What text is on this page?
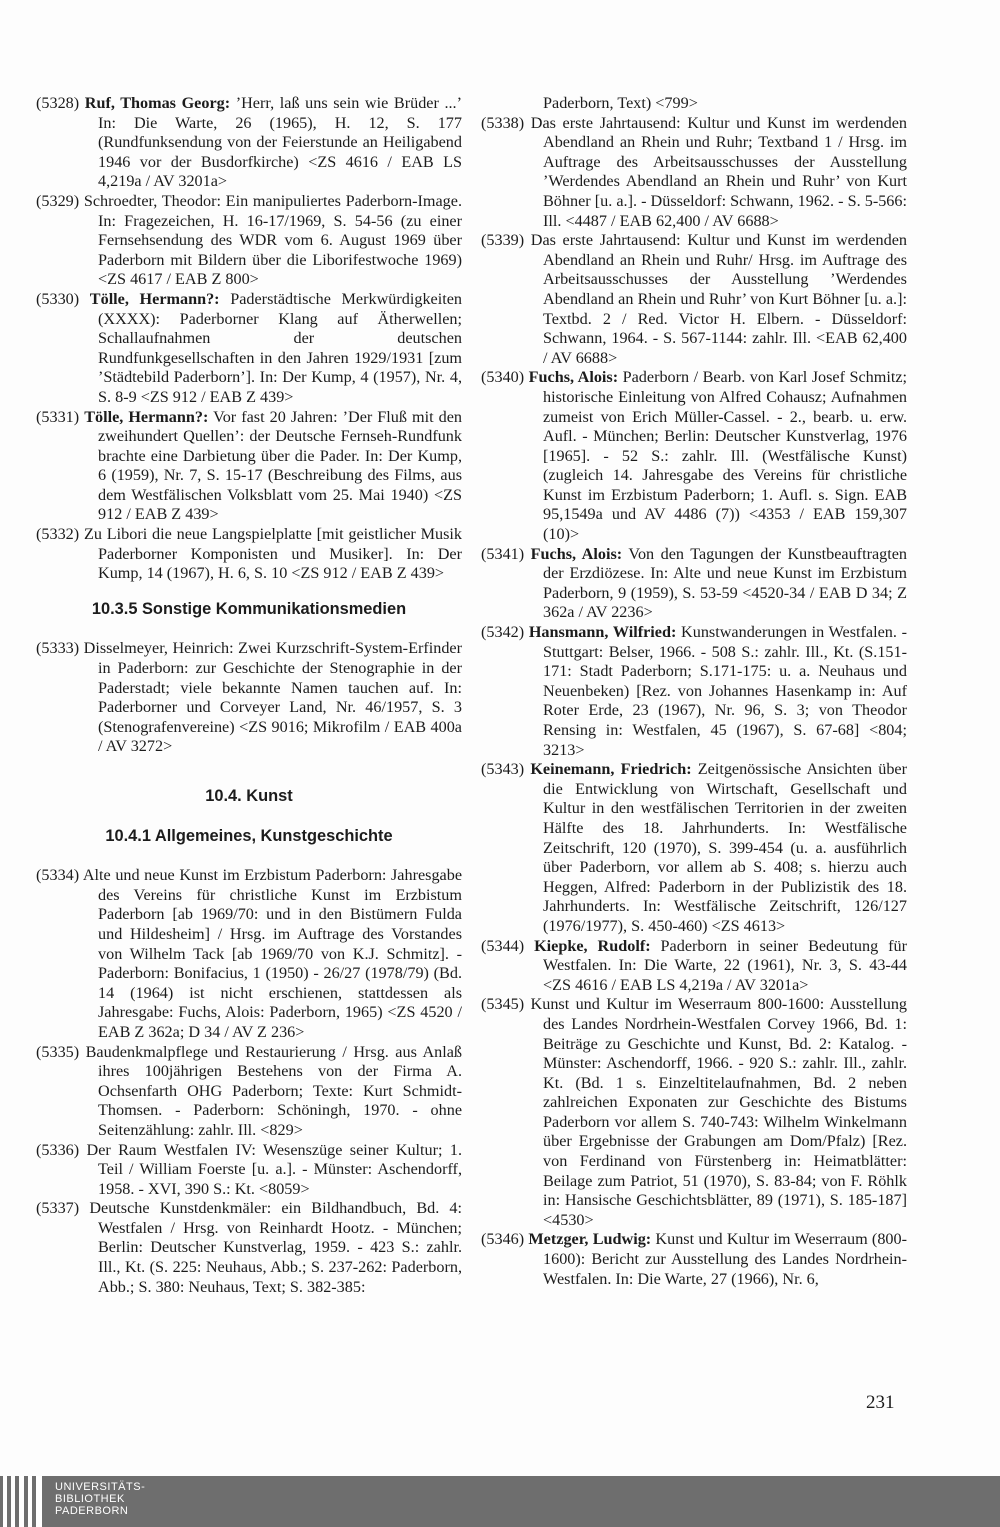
(5328) Ruf, Thomas Georg: ’Herr, laß uns sein wie Brüder ...’ In: Die Warte, 26 (1965), H. 12, S. 177 (Rundfunksendung von der Feierstunde an Heiligabend 1946 vor der Busdorfkirche) <ZS 4616 / EAB LS 4,219a / AV 3201a>

(5329) Schroedter, Theodor: Ein manipuliertes Paderborn-Image. In: Fragezeichen, H. 16-17/1969, S. 54-56 (zu einer Fernsehsendung des WDR vom 6. August 1969 über Paderborn mit Bildern über die Liborifestwoche 1969) <ZS 4617 / EAB Z 800>

(5330) Tölle, Hermann?: Paderstädtische Merkwürdigkeiten (XXXX): Paderborner Klang auf Ätherwellen; Schallaufnahmen der deutschen Rundfunkgesellschaften in den Jahren 1929/1931 [zum ’Städtebild Paderborn’]. In: Der Kump, 4 (1957), Nr. 4, S. 8-9 <ZS 912 / EAB Z 439>

(5331) Tölle, Hermann?: Vor fast 20 Jahren: ’Der Fluß mit den zweihundert Quellen’: der Deutsche Fernseh-Rundfunk brachte eine Darbietung über die Pader. In: Der Kump, 6 (1959), Nr. 7, S. 15-17 (Beschreibung des Films, aus dem Westfälischen Volksblatt vom 25. Mai 1940) <ZS 912 / EAB Z 439>

(5332) Zu Libori die neue Langspielplatte [mit geistlicher Musik Paderborner Komponisten und Musiker]. In: Der Kump, 14 (1967), H. 6, S. 10 <ZS 912 / EAB Z 439>

10.3.5 Sonstige Kommunikationsmedien

(5333) Disselmeyer, Heinrich: Zwei Kurzschrift-System-Erfinder in Paderborn: zur Geschichte der Stenographie in der Paderstadt; viele bekannte Namen tauchen auf. In: Paderborner und Corveyer Land, Nr. 46/1957, S. 3 (Stenografenvereine) <ZS 9016; Mikrofilm / EAB 400a / AV 3272>

10.4. Kunst
10.4.1 Allgemeines, Kunstgeschichte

(5334) Alte und neue Kunst im Erzbistum Paderborn: Jahresgabe des Vereins für christliche Kunst im Erzbistum Paderborn [ab 1969/70: und in den Bistümern Fulda und Hildesheim] / Hrsg. im Auftrage des Vorstandes von Wilhelm Tack [ab 1969/70 von K.J. Schmitz]. - Paderborn: Bonifacius, 1 (1950) - 26/27 (1978/79) (Bd. 14 (1964) ist nicht erschienen, stattdessen als Jahresgabe: Fuchs, Alois: Paderborn, 1965) <ZS 4520 / EAB Z 362a; D 34 / AV Z 236>

(5335) Baudenkmalpflege und Restaurierung / Hrsg. aus Anlaß ihres 100jährigen Bestehens von der Firma A. Ochsenfarth OHG Paderborn; Texte: Kurt Schmidt-Thomsen. - Paderborn: Schöningh, 1970. - ohne Seitenzählung: zahlr. Ill. <829>

(5336) Der Raum Westfalen IV: Wesenszüge seiner Kultur; 1. Teil / William Foerste [u. a.]. - Münster: Aschendorff, 1958. - XVI, 390 S.: Kt. <8059>

(5337) Deutsche Kunstdenkmäler: ein Bildhandbuch, Bd. 4: Westfalen / Hrsg. von Reinhardt Hootz. - München; Berlin: Deutscher Kunstverlag, 1959. - 423 S.: zahlr. Ill., Kt. (S. 225: Neuhaus, Abb.; S. 237-262: Paderborn, Abb.; S. 380: Neuhaus, Text; S. 382-385:

Paderborn, Text) <799>

(5338) Das erste Jahrtausend: Kultur und Kunst im werdenden Abendland an Rhein und Ruhr; Textband 1 / Hrsg. im Auftrage des Arbeitsausschusses der Ausstellung ’Werdendes Abendland an Rhein und Ruhr’ von Kurt Böhner [u. a.]. - Düsseldorf: Schwann, 1962. - S. 5-566: Ill. <4487 / EAB 62,400 / AV 6688>

(5339) Das erste Jahrtausend: Kultur und Kunst im werdenden Abendland an Rhein und Ruhr/ Hrsg. im Auftrage des Arbeitsausschusses der Ausstellung ’Werdendes Abendland an Rhein und Ruhr’ von Kurt Böhner [u. a.]: Textbd. 2 / Red. Victor H. Elbern. - Düsseldorf: Schwann, 1964. - S. 567-1144: zahlr. Ill. <EAB 62,400 / AV 6688>

(5340) Fuchs, Alois: Paderborn / Bearb. von Karl Josef Schmitz; historische Einleitung von Alfred Cohausz; Aufnahmen zumeist von Erich Müller-Cassel. - 2., bearb. u. erw. Aufl. - München; Berlin: Deutscher Kunstverlag, 1976 [1965]. - 52 S.: zahlr. Ill. (Westfälische Kunst) (zugleich 14. Jahresgabe des Vereins für christliche Kunst im Erzbistum Paderborn; 1. Aufl. s. Sign. EAB 95,1549a und AV 4486 (7)) <4353 / EAB 159,307 (10)>

(5341) Fuchs, Alois: Von den Tagungen der Kunstbeauftragten der Erzdiözese. In: Alte und neue Kunst im Erzbistum Paderborn, 9 (1959), S. 53-59 <4520-34 / EAB D 34; Z 362a / AV 2236>

(5342) Hansmann, Wilfried: Kunstwanderungen in Westfalen. - Stuttgart: Belser, 1966. - 508 S.: zahlr. Ill., Kt. (S.151-171: Stadt Paderborn; S.171-175: u. a. Neuhaus und Neuenbeken) [Rez. von Johannes Hasenkamp in: Auf Roter Erde, 23 (1967), Nr. 96, S. 3; von Theodor Rensing in: Westfalen, 45 (1967), S. 67-68] <804; 3213>

(5343) Keinemann, Friedrich: Zeitgenössische Ansichten über die Entwicklung von Wirtschaft, Gesellschaft und Kultur in den westfälischen Territorien in der zweiten Hälfte des 18. Jahrhunderts. In: Westfälische Zeitschrift, 120 (1970), S. 399-454 (u. a. ausführlich über Paderborn, vor allem ab S. 408; s. hierzu auch Heggen, Alfred: Paderborn in der Publizistik des 18. Jahrhunderts. In: Westfälische Zeitschrift, 126/127 (1976/1977), S. 450-460) <ZS 4613>

(5344) Kiepke, Rudolf: Paderborn in seiner Bedeutung für Westfalen. In: Die Warte, 22 (1961), Nr. 3, S. 43-44 <ZS 4616 / EAB LS 4,219a / AV 3201a>

(5345) Kunst und Kultur im Weserraum 800-1600: Ausstellung des Landes Nordrhein-Westfalen Corvey 1966, Bd. 1: Beiträge zu Geschichte und Kunst, Bd. 2: Katalog. - Münster: Aschendorff, 1966. - 920 S.: zahlr. Ill., zahlr. Kt. (Bd. 1 s. Einzeltitelaufnahmen, Bd. 2 neben zahlreichen Exponaten zur Geschichte des Bistums Paderborn vor allem S. 740-743: Wilhelm Winkelmann über Ergebnisse der Grabungen am Dom/Pfalz) [Rez. von Ferdinand von Fürstenberg in: Heimatblätter: Beilage zum Patriot, 51 (1970), S. 83-84; von F. Röhlk in: Hansische Geschichtsblätter, 89 (1971), S. 185-187] <4530>

(5346) Metzger, Ludwig: Kunst und Kultur im Weserraum (800-1600): Bericht zur Ausstellung des Landes Nordrhein-Westfalen. In: Die Warte, 27 (1966), Nr. 6,

231
UNIVERSITÄTS-
BIBLIOTHEK
PADERBORN
